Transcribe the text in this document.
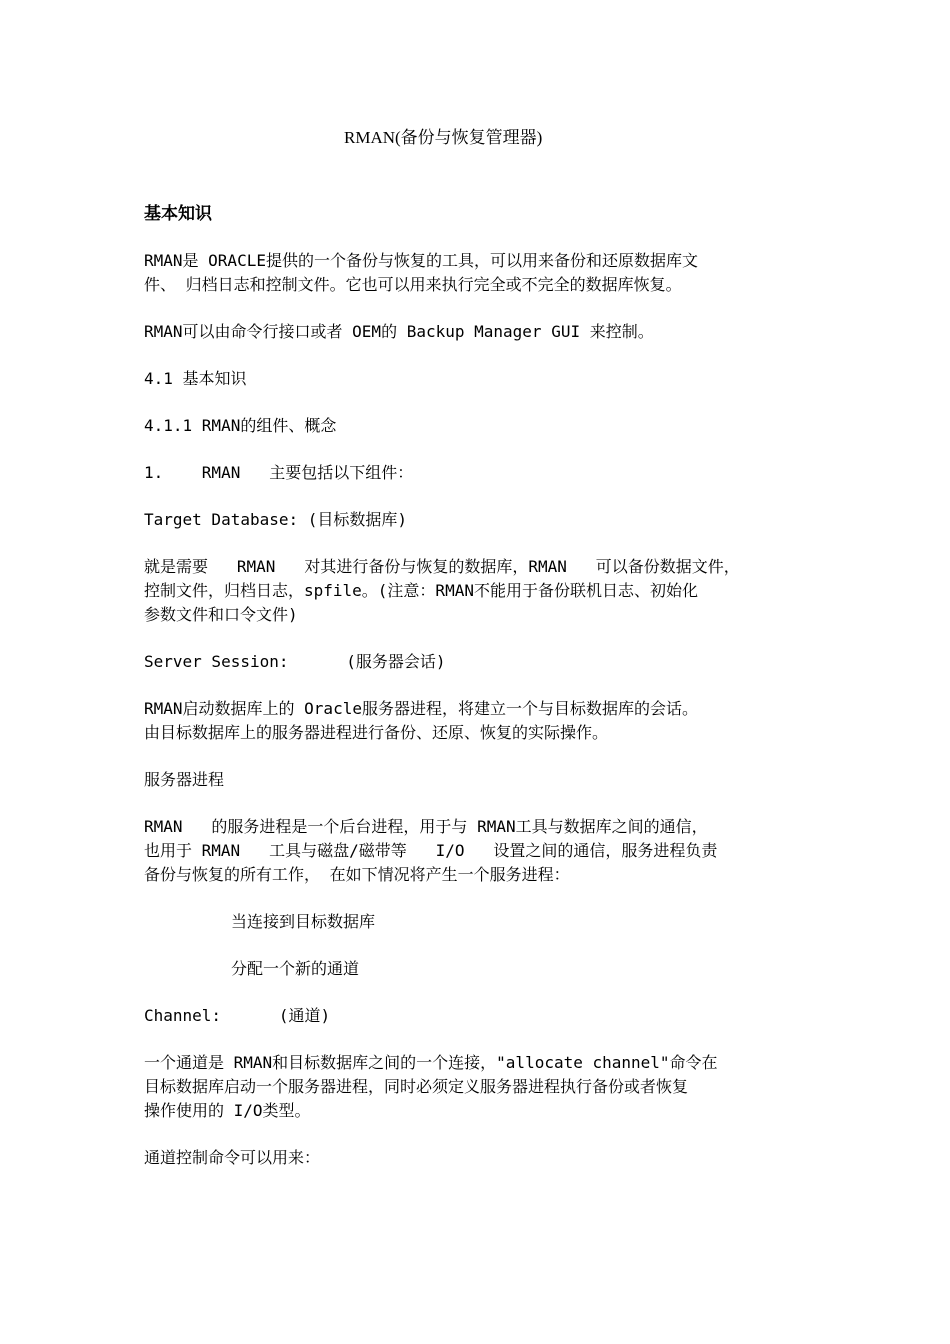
RMAN(备份与恢复管理器)
基本知识
RMAN是 ORACLE提供的一个备份与恢复的工具，可以用来备份和还原数据库文
件、 归档日志和控制文件。它也可以用来执行完全或不完全的数据库恢复。
RMAN可以由命令行接口或者 OEM的 Backup Manager GUI 来控制。
4.1 基本知识
4.1.1 RMAN的组件、概念
1.    RMAN   主要包括以下组件：
Target Database: (目标数据库)
就是需要   RMAN   对其进行备份与恢复的数据库，RMAN   可以备份数据文件，
控制文件，归档日志，spfile。(注意：RMAN不能用于备份联机日志、初始化
参数文件和口令文件)
Server Session:      (服务器会话)
RMAN启动数据库上的 Oracle服务器进程，将建立一个与目标数据库的会话。
由目标数据库上的服务器进程进行备份、还原、恢复的实际操作。
服务器进程
RMAN   的服务进程是一个后台进程，用于与 RMAN工具与数据库之间的通信，
也用于 RMAN   工具与磁盘/磁带等   I/O   设置之间的通信，服务进程负责
备份与恢复的所有工作， 在如下情况将产生一个服务进程：
当连接到目标数据库
分配一个新的通道
Channel:      (通道)
一个通道是 RMAN和目标数据库之间的一个连接，"allocate channel"命令在
目标数据库启动一个服务器进程，同时必须定义服务器进程执行备份或者恢复
操作使用的 I/O类型。
通道控制命令可以用来：
